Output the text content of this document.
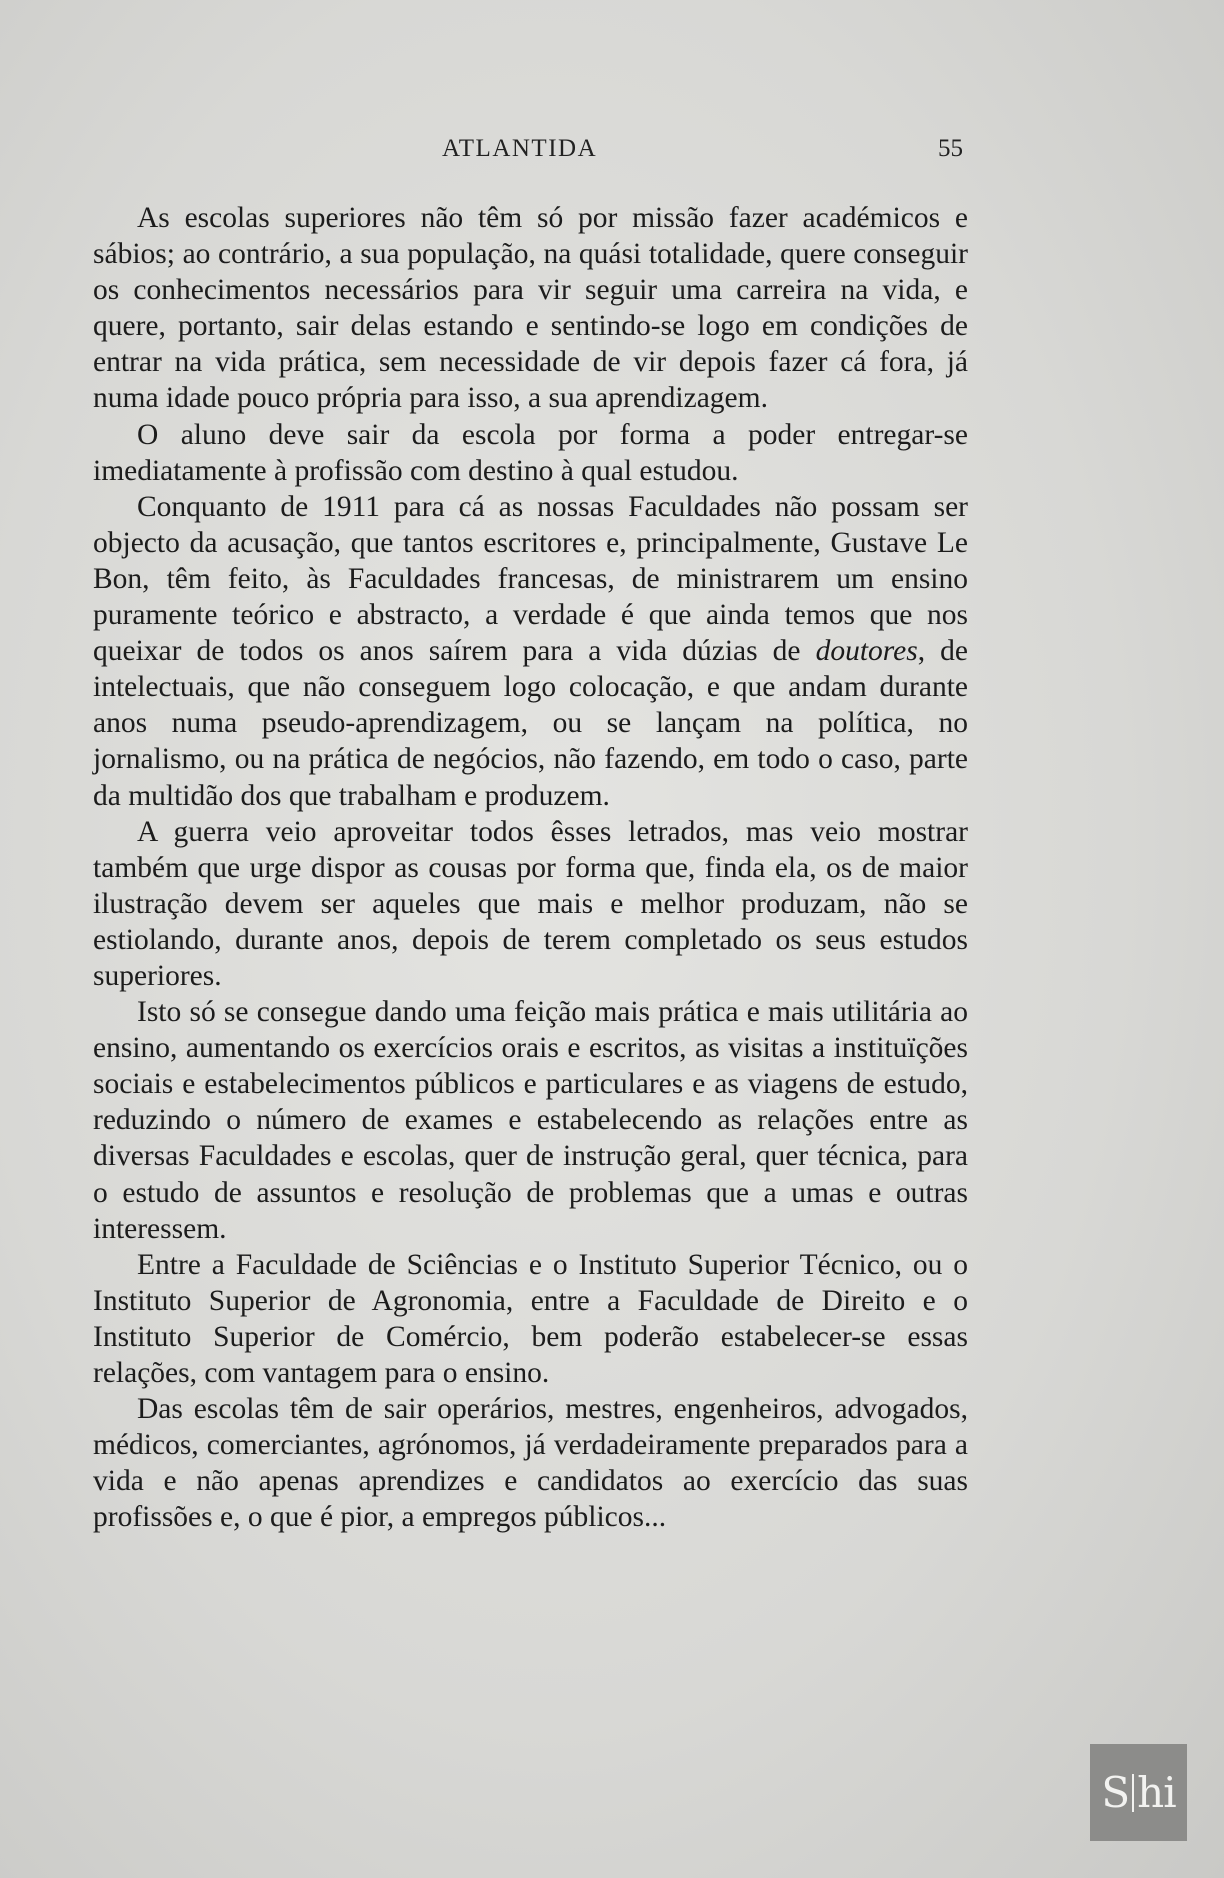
ATLANTIDA	55

As escolas superiores não têm só por missão fazer académicos e sábios; ao contrário, a sua população, na quási totalidade, quere conseguir os conhecimentos necessários para vir seguir uma carreira na vida, e quere, portanto, sair delas estando e sentindo-se logo em condições de entrar na vida prática, sem necessidade de vir depois fazer cá fora, já numa idade pouco própria para isso, a sua aprendizagem.

O aluno deve sair da escola por forma a poder entregar-se imediatamente à profissão com destino à qual estudou.

Conquanto de 1911 para cá as nossas Faculdades não possam ser objecto da acusação, que tantos escritores e, principalmente, Gustave Le Bon, têm feito, às Faculdades francesas, de ministrarem um ensino puramente teórico e abstracto, a verdade é que ainda temos que nos queixar de todos os anos saírem para a vida dúzias de doutores, de intelectuais, que não conseguem logo colocação, e que andam durante anos numa pseudo-aprendizagem, ou se lançam na política, no jornalismo, ou na prática de negócios, não fazendo, em todo o caso, parte da multidão dos que trabalham e produzem.

A guerra veio aproveitar todos êsses letrados, mas veio mostrar também que urge dispor as cousas por forma que, finda ela, os de maior ilustração devem ser aqueles que mais e melhor produzam, não se estiolando, durante anos, depois de terem completado os seus estudos superiores.

Isto só se consegue dando uma feição mais prática e mais utilitária ao ensino, aumentando os exercícios orais e escritos, as visitas a instituïções sociais e estabelecimentos públicos e particulares e as viagens de estudo, reduzindo o número de exames e estabelecendo as relações entre as diversas Faculdades e escolas, quer de instrução geral, quer técnica, para o estudo de assuntos e resolução de problemas que a umas e outras interessem.

Entre a Faculdade de Sciências e o Instituto Superior Técnico, ou o Instituto Superior de Agronomia, entre a Faculdade de Direito e o Instituto Superior de Comércio, bem poderão estabelecer-se essas relações, com vantagem para o ensino.

Das escolas têm de sair operários, mestres, engenheiros, advogados, médicos, comerciantes, agrónomos, já verdadeiramente preparados para a vida e não apenas aprendizes e candidatos ao exercício das suas profissões e, o que é pior, a empregos públicos...

S hi
